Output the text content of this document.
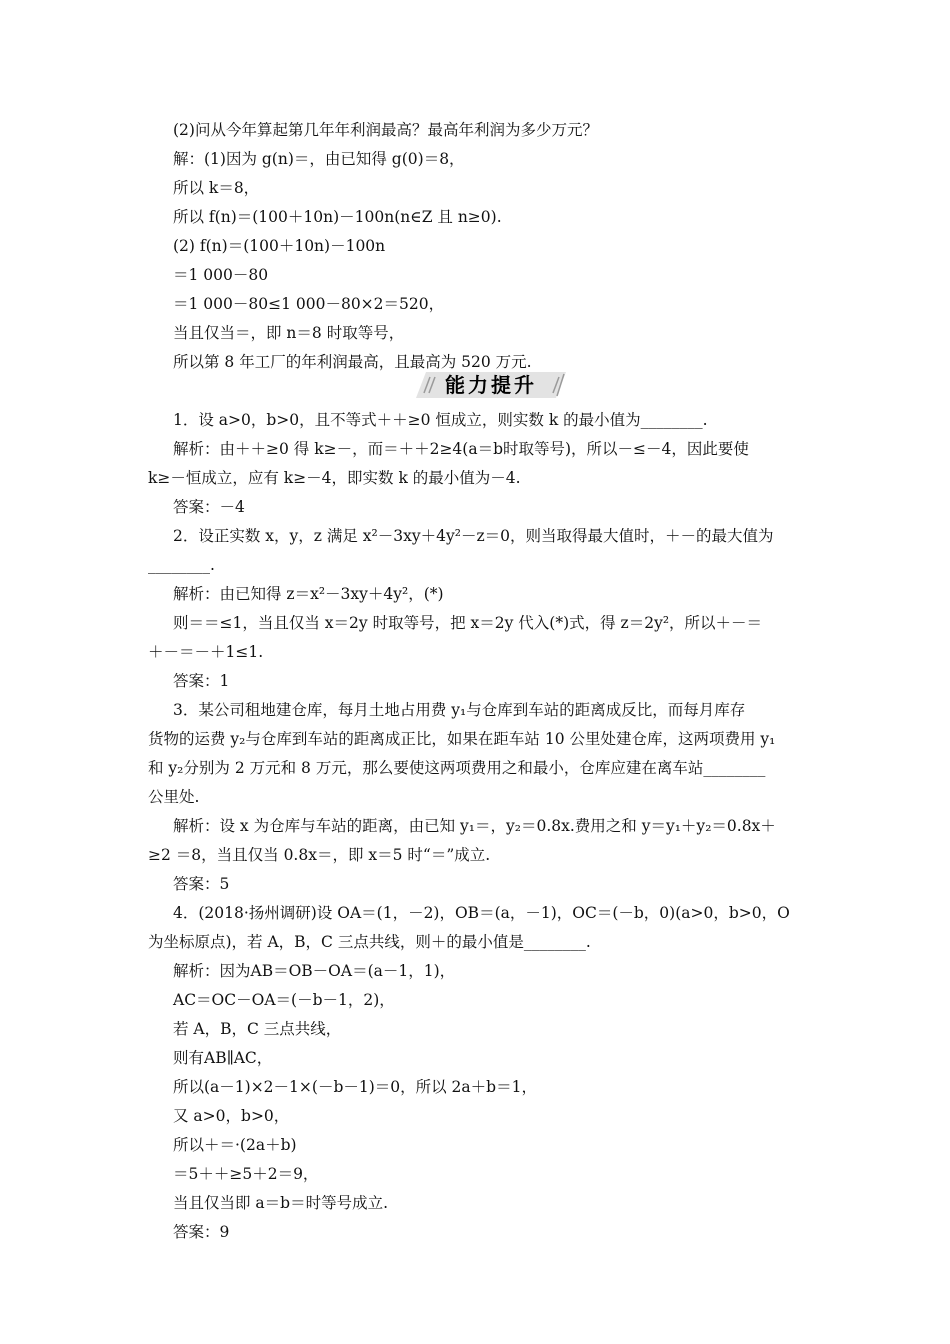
(2)问从今年算起第几年年利润最高？最高年利润为多少万元？
解：(1)因为 g(n)＝，由已知得 g(0)＝8，
所以 k＝8，
所以 f(n)＝(100＋10n)－100n(n∈Z 且 n≥0).
(2) f(n)＝(100＋10n)－100n
＝1 000－80
＝1 000－80≤1 000－80×2＝520，
当且仅当＝，即 n＝8 时取等号，
所以第 8 年工厂的年利润最高，且最高为 520 万元.
能力提升
1．设 a>0，b>0，且不等式＋＋≥0 恒成立，则实数 k 的最小值为________.
解析：由＋＋≥0 得 k≥－，而＝＋＋2≥4(a＝b时取等号)，所以－≤－4，因此要使
k≥－恒成立，应有 k≥－4，即实数 k 的最小值为－4.
答案：－4
2．设正实数 x，y，z 满足 x²－3xy＋4y²－z＝0，则当取得最大值时，＋－的最大值为
________.
解析：由已知得 z＝x²－3xy＋4y²，(*)
则＝＝≤1，当且仅当 x＝2y 时取等号，把 x＝2y 代入(*)式，得 z＝2y²，所以＋－＝
＋－＝－＋1≤1.
答案：1
3．某公司租地建仓库，每月土地占用费 y₁与仓库到车站的距离成反比，而每月库存
货物的运费 y₂与仓库到车站的距离成正比，如果在距车站 10 公里处建仓库，这两项费用 y₁
和 y₂分别为 2 万元和 8 万元，那么要使这两项费用之和最小，仓库应建在离车站________
公里处.
解析：设 x 为仓库与车站的距离，由已知 y₁＝，y₂＝0.8x.费用之和 y＝y₁＋y₂＝0.8x＋
≥2 ＝8，当且仅当 0.8x＝，即 x＝5 时“＝”成立.
答案：5
4．(2018·扬州调研)设 OA＝(1，－2)，OB＝(a，－1)，OC＝(－b，0)(a>0，b>0，O
为坐标原点)，若 A，B，C 三点共线，则＋的最小值是________.
解析：因为AB＝OB－OA＝(a－1，1)，
AC＝OC－OA＝(－b－1，2)，
若 A，B，C 三点共线，
则有AB∥AC，
所以(a－1)×2－1×(－b－1)＝0，所以 2a＋b＝1，
又 a>0，b>0，
所以＋＝·(2a＋b)
＝5＋＋≥5＋2＝9，
当且仅当即 a＝b＝时等号成立.
答案：9
